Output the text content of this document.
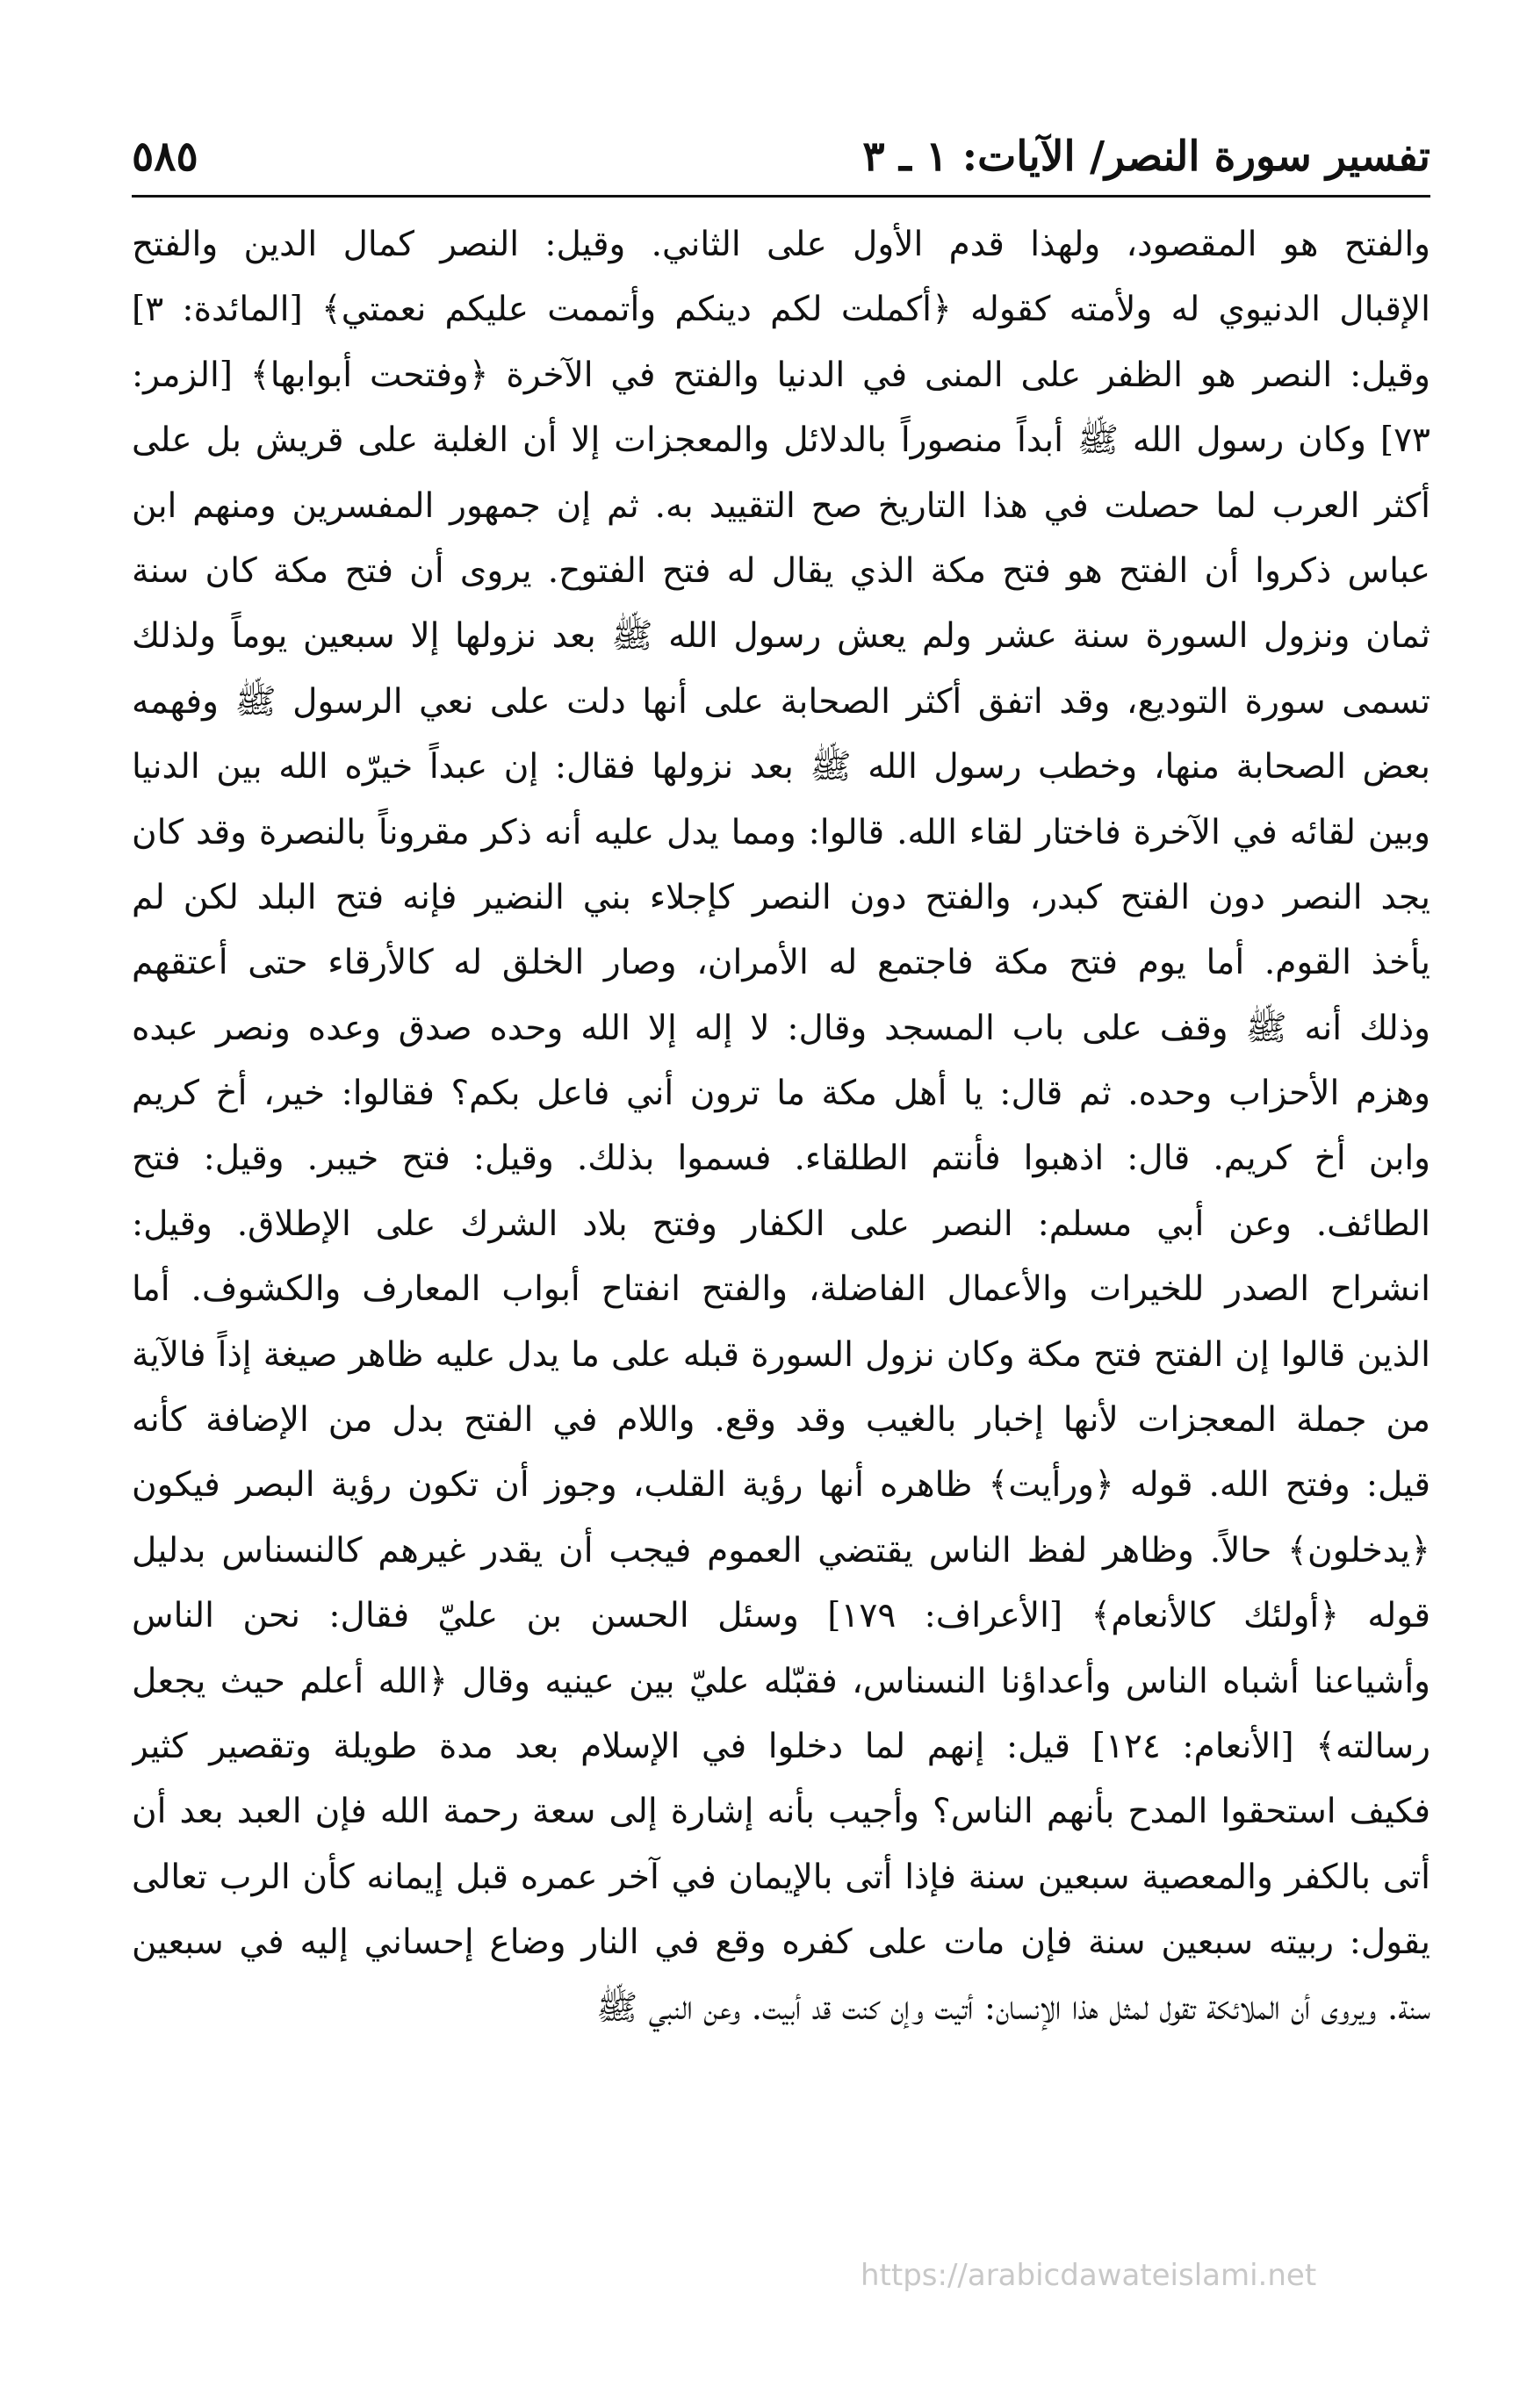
تفسير سورة النصر/ الآيات: ١ ـ ٣
٥٨٥
والفتح هو المقصود، ولهذا قدم الأول على الثاني. وقيل: النصر كمال الدين والفتح
الإقبال الدنيوي له ولأمته كقوله ﴿أكملت لكم دينكم وأتممت عليكم نعمتي﴾ [المائدة: ٣]
وقيل: النصر هو الظفر على المنى في الدنيا والفتح في الآخرة ﴿وفتحت أبوابها﴾ [الزمر:
٧٣] وكان رسول الله ﷺ أبداً منصوراً بالدلائل والمعجزات إلا أن الغلبة على قريش بل على
أكثر العرب لما حصلت في هذا التاريخ صح التقييد به. ثم إن جمهور المفسرين ومنهم ابن
عباس ذكروا أن الفتح هو فتح مكة الذي يقال له فتح الفتوح. يروى أن فتح مكة كان سنة
ثمان ونزول السورة سنة عشر ولم يعش رسول الله ﷺ بعد نزولها إلا سبعين يوماً ولذلك
تسمى سورة التوديع، وقد اتفق أكثر الصحابة على أنها دلت على نعي الرسول ﷺ وفهمه
بعض الصحابة منها، وخطب رسول الله ﷺ بعد نزولها فقال: إن عبداً خيرّه الله بين الدنيا
وبين لقائه في الآخرة فاختار لقاء الله. قالوا: ومما يدل عليه أنه ذكر مقروناً بالنصرة وقد كان
يجد النصر دون الفتح كبدر، والفتح دون النصر كإجلاء بني النضير فإنه فتح البلد لكن لم
يأخذ القوم. أما يوم فتح مكة فاجتمع له الأمران، وصار الخلق له كالأرقاء حتى أعتقهم
وذلك أنه ﷺ وقف على باب المسجد وقال: لا إله إلا الله وحده صدق وعده ونصر عبده
وهزم الأحزاب وحده. ثم قال: يا أهل مكة ما ترون أني فاعل بكم؟ فقالوا: خير، أخ كريم
وابن أخ كريم. قال: اذهبوا فأنتم الطلقاء. فسموا بذلك. وقيل: فتح خيبر. وقيل: فتح
الطائف. وعن أبي مسلم: النصر على الكفار وفتح بلاد الشرك على الإطلاق. وقيل:
انشراح الصدر للخيرات والأعمال الفاضلة، والفتح انفتاح أبواب المعارف والكشوف. أما
الذين قالوا إن الفتح فتح مكة وكان نزول السورة قبله على ما يدل عليه ظاهر صيغة إذاً فالآية
من جملة المعجزات لأنها إخبار بالغيب وقد وقع. واللام في الفتح بدل من الإضافة كأنه
قيل: وفتح الله. قوله ﴿ورأيت﴾ ظاهره أنها رؤية القلب، وجوز أن تكون رؤية البصر فيكون
﴿يدخلون﴾ حالاً. وظاهر لفظ الناس يقتضي العموم فيجب أن يقدر غيرهم كالنسناس بدليل
قوله ﴿أولئك كالأنعام﴾ [الأعراف: ١٧٩] وسئل الحسن بن عليّ فقال: نحن الناس
وأشياعنا أشباه الناس وأعداؤنا النسناس، فقبّله عليّ بين عينيه وقال ﴿الله أعلم حيث يجعل
رسالته﴾ [الأنعام: ١٢٤] قيل: إنهم لما دخلوا في الإسلام بعد مدة طويلة وتقصير كثير
فكيف استحقوا المدح بأنهم الناس؟ وأجيب بأنه إشارة إلى سعة رحمة الله فإن العبد بعد أن
أتى بالكفر والمعصية سبعين سنة فإذا أتى بالإيمان في آخر عمره قبل إيمانه كأن الرب تعالى
يقول: ربيته سبعين سنة فإن مات على كفره وقع في النار وضاع إحساني إليه في سبعين
سنة. ويروى أن الملائكة تقول لمثل هذا الإنسان: أتيت وإن كنت قد أبيت. وعن النبي ﷺ
https://arabicdawateislami.net
